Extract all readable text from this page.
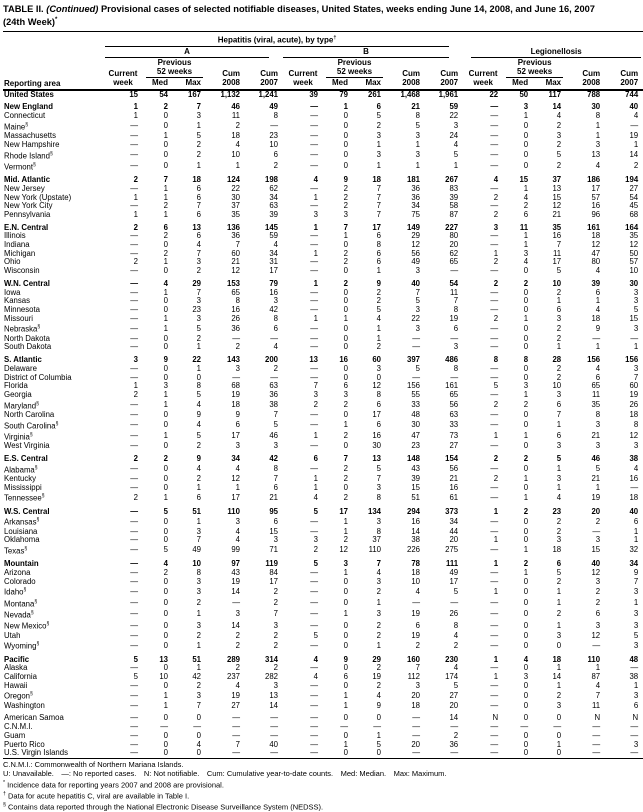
TABLE II. (Continued) Provisional cases of selected notifiable diseases, United States, weeks ending June 14, 2008, and June 16, 2007
(24th Week)*
Reporting area	Hepatitis (viral, acute), by type†										Legionellosis				

	A					B									

		Previous					Previous					Previous			
	Current	52 weeks		Cum	Cum	Current	52 weeks		Cum	Cum	Current	52 weeks		Cum	Cum
	week	Med	Max	2008	2007	week	Med	Max	2008	2007	week	Med	Max	2008	2007
United States	15	54	167	1,132	1,241	39	79	261	1,468	1,961	22	50	117	788	744

New England	1	2	7	46	49	—	1	6	21	59	—	3	14	30	40
Connecticut	1	0	3	11	8	—	0	5	8	22	—	1	4	8	4
Maine§	—	0	1	2	—	—	0	2	5	3	—	0	2	1	—
Massachusetts	—	1	5	18	23	—	0	3	3	24	—	0	3	1	19
New Hampshire	—	0	2	4	10	—	0	1	1	4	—	0	2	3	1
Rhode Island§	—	0	2	10	6	—	0	3	3	5	—	0	5	13	14
Vermont§	—	0	1	1	2	—	0	1	1	1	—	0	2	4	2

Mid. Atlantic	2	7	18	124	198	4	9	18	181	267	4	15	37	186	194
New Jersey	—	1	6	22	62	—	2	7	36	83	—	1	13	17	27
New York (Upstate)	1	1	6	30	34	1	2	7	36	39	2	4	15	57	54
New York City	—	2	7	37	63	—	2	7	34	58	—	2	12	16	45
Pennsylvania	1	1	6	35	39	3	3	7	75	87	2	6	21	96	68

E.N. Central	2	6	13	136	145	1	7	17	149	227	3	11	35	161	164
Illinois	—	2	6	36	59	—	1	6	29	80	—	1	16	18	35
Indiana	—	0	4	7	4	—	0	8	12	20	—	1	7	12	12
Michigan	—	2	7	60	34	1	2	6	56	62	1	3	11	47	50
Ohio	2	1	3	21	31	—	2	6	49	65	2	4	17	80	57
Wisconsin	—	0	2	12	17	—	0	1	3	—	—	0	5	4	10

W.N. Central	—	4	29	153	79	1	2	9	40	54	2	2	10	39	30
Iowa	—	1	7	65	16	—	0	2	7	11	—	0	2	6	3
Kansas	—	0	3	8	3	—	0	2	5	7	—	0	1	1	3
Minnesota	—	0	23	16	42	—	0	5	3	8	—	0	6	4	5
Missouri	—	1	3	26	8	1	1	4	22	19	2	1	3	18	15
Nebraska§	—	1	5	36	6	—	0	1	3	6	—	0	2	9	3
North Dakota	—	0	2	—	—	—	0	1	—	—	—	0	2	—	—
South Dakota	—	0	1	2	4	—	0	2	—	3	—	0	1	1	1

S. Atlantic	3	9	22	143	200	13	16	60	397	486	8	8	28	156	156
Delaware	—	0	1	3	2	—	0	3	5	8	—	0	2	4	3
District of Columbia	—	0	0	—	—	—	0	0	—	—	—	0	2	6	7
Florida	1	3	8	68	63	7	6	12	156	161	5	3	10	65	60
Georgia	2	1	5	19	36	3	3	8	55	65	—	1	3	11	19
Maryland§	—	1	4	18	38	2	2	6	33	56	2	2	6	35	26
North Carolina	—	0	9	9	7	—	0	17	48	63	—	0	7	8	18
South Carolina§	—	0	4	6	5	—	1	6	30	33	—	0	1	3	8
Virginia§	—	1	5	17	46	1	2	16	47	73	1	1	6	21	12
West Virginia	—	0	2	3	3	—	0	30	23	27	—	0	3	3	3

E.S. Central	2	2	9	34	42	6	7	13	148	154	2	2	5	46	38
Alabama§	—	0	4	4	8	—	2	5	43	56	—	0	1	5	4
Kentucky	—	0	2	12	7	1	2	7	39	21	2	1	3	21	16
Mississippi	—	0	1	1	6	1	0	3	15	16	—	0	1	1	—
Tennessee§	2	1	6	17	21	4	2	8	51	61	—	1	4	19	18

W.S. Central	—	5	51	110	95	5	17	134	294	373	1	2	23	20	40
Arkansas§	—	0	1	3	6	—	1	3	16	34	—	0	2	2	6
Louisiana	—	0	3	4	15	—	1	8	14	44	—	0	2	—	1
Oklahoma	—	0	7	4	3	3	2	37	38	20	1	0	3	3	1
Texas§	—	5	49	99	71	2	12	110	226	275	—	1	18	15	32

Mountain	—	4	10	97	119	5	3	7	78	111	1	2	6	40	34
Arizona	—	2	8	43	84	—	1	4	18	49	—	1	5	12	9
Colorado	—	0	3	19	17	—	0	3	10	17	—	0	2	3	7
Idaho§	—	0	3	14	2	—	0	2	4	5	1	0	1	2	3
Montana§	—	0	2	—	2	—	0	1	—	—	—	0	1	2	1
Nevada§	—	0	1	3	7	—	1	3	19	26	—	0	2	6	3
New Mexico§	—	0	3	14	3	—	0	2	6	8	—	0	1	3	3
Utah	—	0	2	2	2	5	0	2	19	4	—	0	3	12	5
Wyoming§	—	0	1	2	2	—	0	1	2	2	—	0	0	—	3

Pacific	5	13	51	289	314	4	9	29	160	230	1	4	18	110	48
Alaska	—	0	1	2	2	—	0	2	7	4	—	0	1	1	—
California	5	10	42	237	282	4	6	19	112	174	1	3	14	87	38
Hawaii	—	0	2	4	3	—	0	2	3	5	—	0	1	4	1
Oregon§	—	1	3	19	13	—	1	4	20	27	—	0	2	7	3
Washington	—	1	7	27	14	—	1	9	18	20	—	0	3	11	6

American Samoa	—	0	0	—	—	—	0	0	—	14	N	0	0	N	N
C.N.M.I.	—	—	—	—	—	—	—	—	—	—	—	—	—	—	—
Guam	—	0	0	—	—	—	0	1	—	2	—	0	0	—	—
Puerto Rico	—	0	4	7	40	—	1	5	20	36	—	0	1	—	3
U.S. Virgin Islands	—	0	0	—	—	—	0	0	—	—	—	0	0	—	—
C.N.M.I.: Commonwealth of Northern Mariana Islands.
U: Unavailable. —: No reported cases. N: Not notifiable. Cum: Cumulative year-to-date counts. Med: Median. Max: Maximum.
* Incidence data for reporting years 2007 and 2008 are provisional.
† Data for acute hepatitis C, viral are available in Table I.
§ Contains data reported through the National Electronic Disease Surveillance System (NEDSS).
